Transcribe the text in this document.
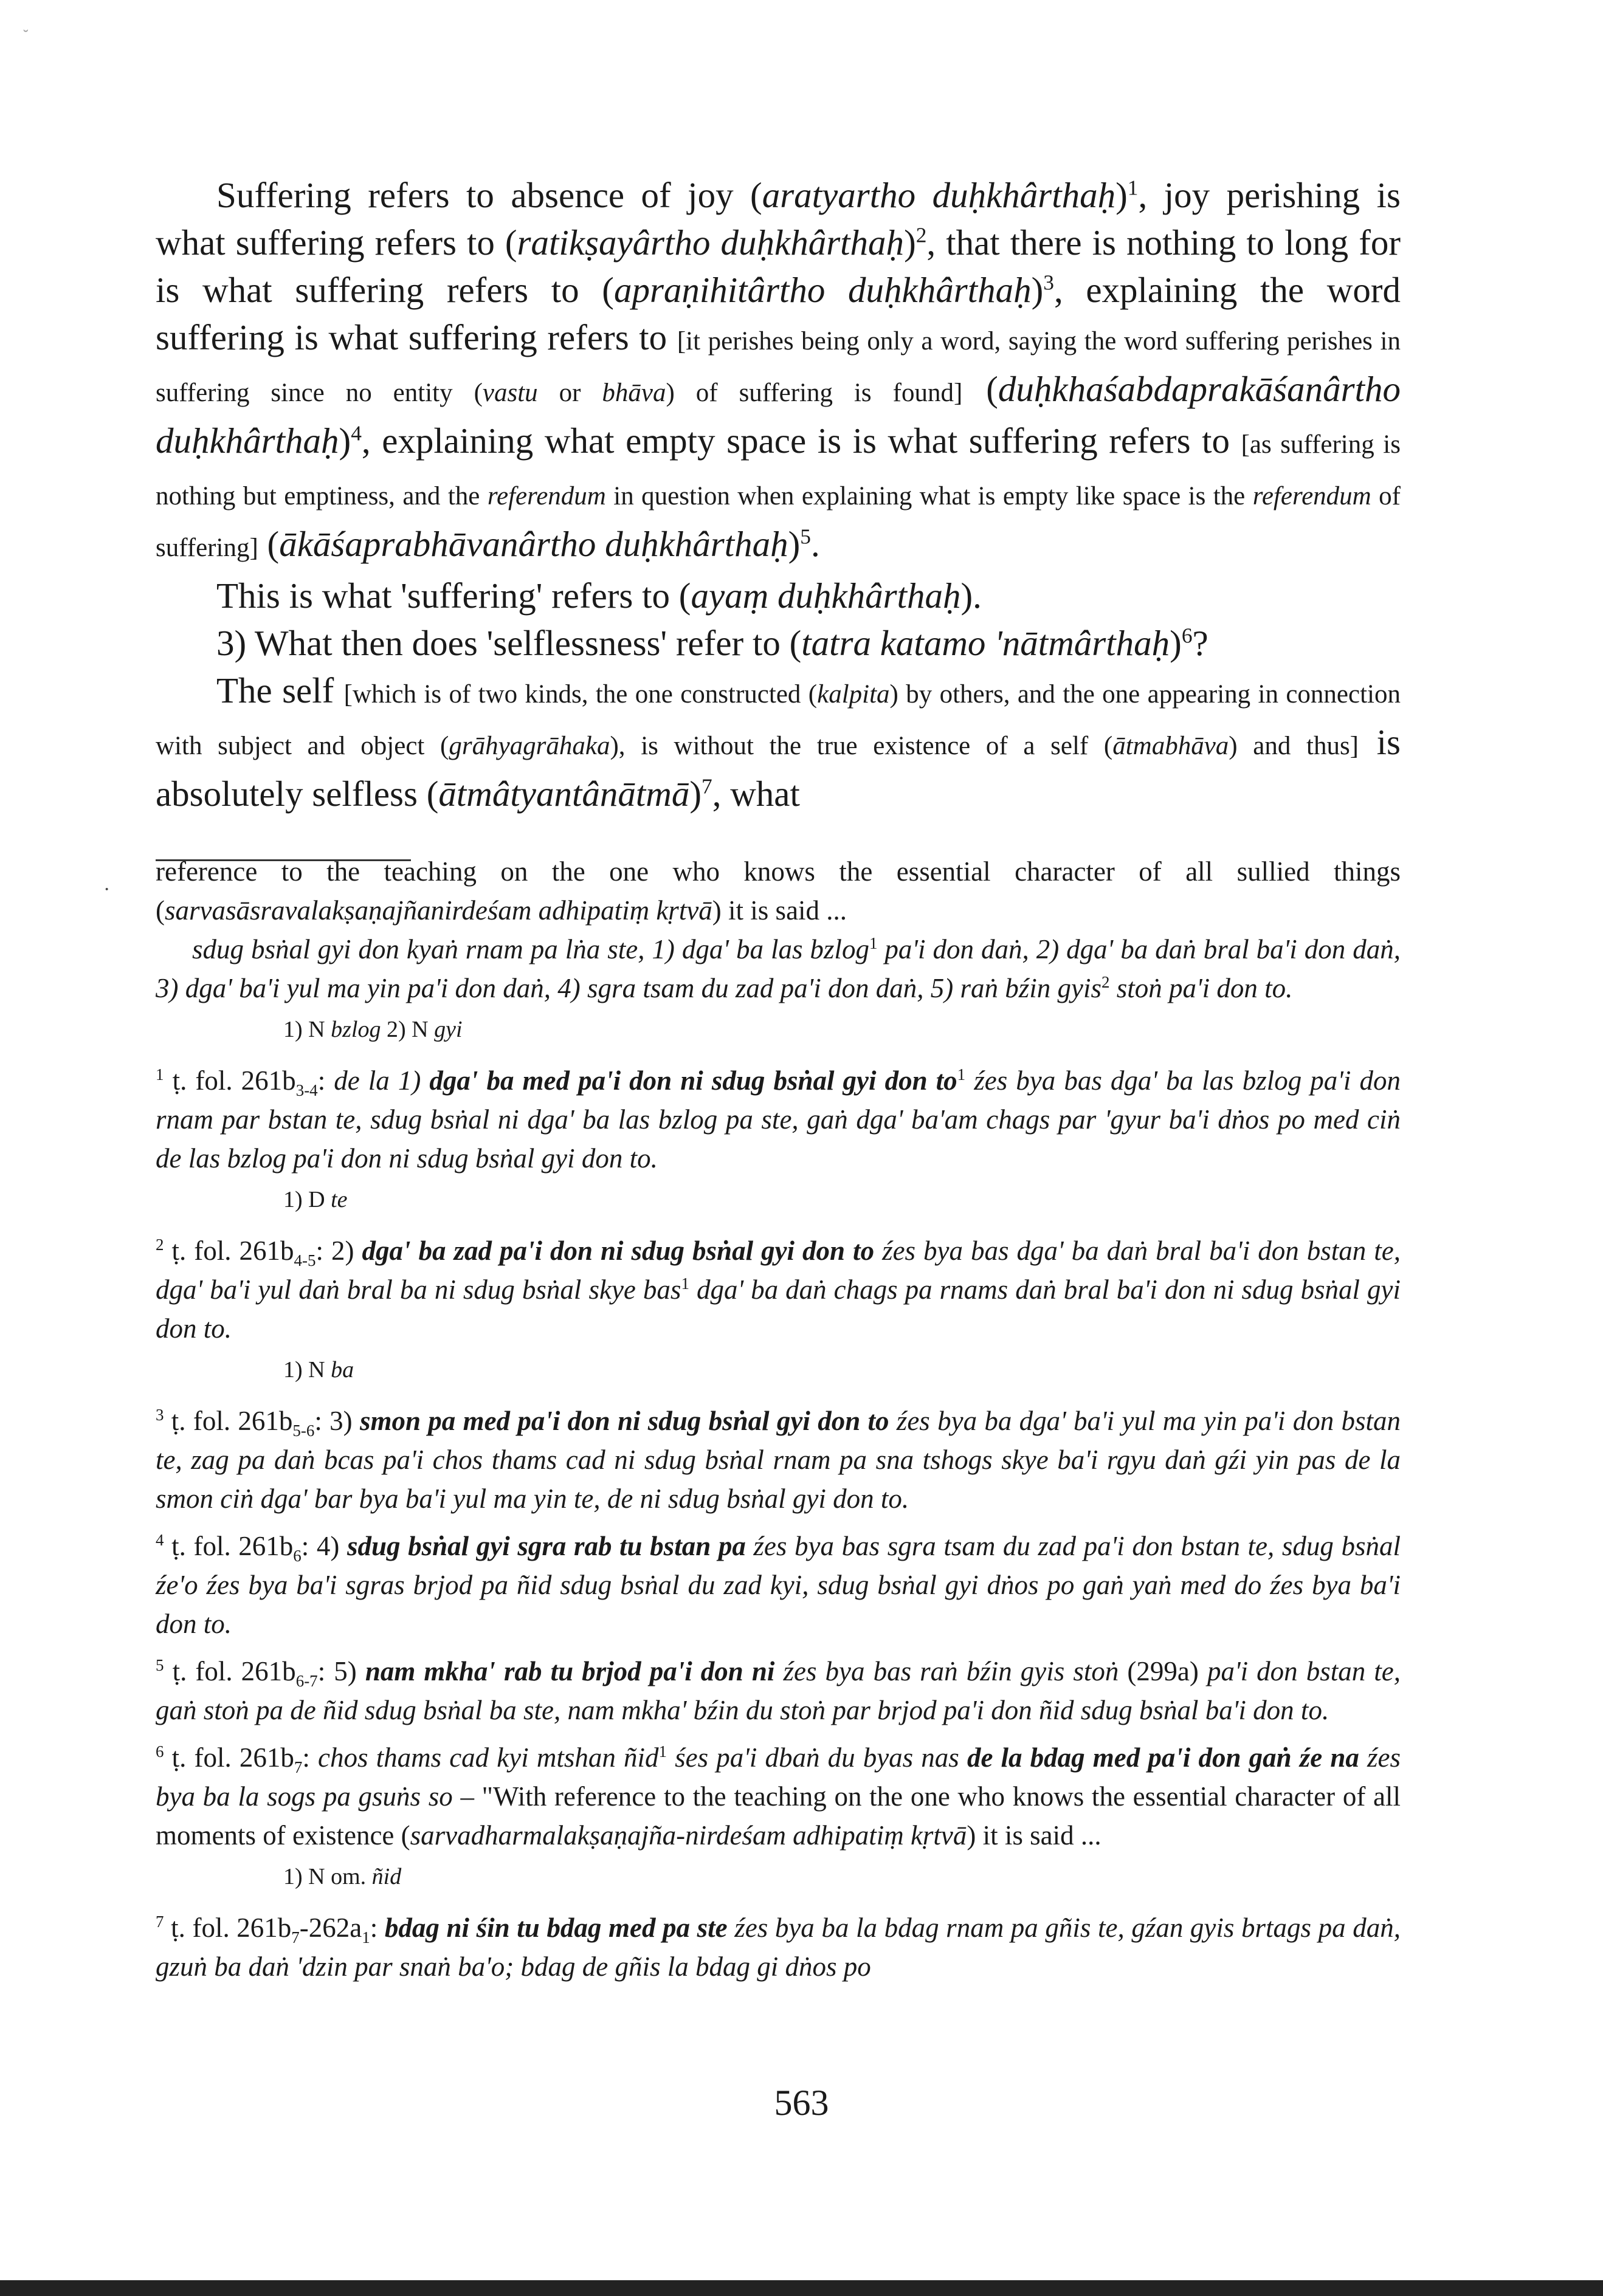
˘
·

Suffering refers to absence of joy (aratyartho duḥkhârthaḥ)$^1$, joy perishing is what suffering refers to (ratikṣayârtho duḥkhârthaḥ)$^2$, that there is nothing to long for is what suffering refers to (apraṇihitârtho duḥkhârthaḥ)$^3$, explaining the word suffering is what suffering refers to [it perishes being only a word, saying the word suffering perishes in suffering since no entity (vastu or bhāva) of suffering is found] (duḥkhaśabdaprakāśanârtho duḥkhârthaḥ)$^4$, explaining what empty space is is what suffering refers to [as suffering is nothing but emptiness, and the referendum in question when explaining what is empty like space is the referendum of suffering] (ākāśaprabhāvanârtho duḥkhârthaḥ)$^5$.

This is what 'suffering' refers to (ayaṃ duḥkhârthaḥ).

3) What then does 'selflessness' refer to (tatra katamo 'nātmârthaḥ)$^6$?

The self [which is of two kinds, the one constructed (kalpita) by others, and the one appearing in connection with subject and object (grāhyagrāhaka), is without the true existence of a self (ātmabhāva) and thus] is absolutely selfless (ātmâtyantânātmā)$^7$, what

reference to the teaching on the one who knows the essential character of all sullied things (sarvasāsravalakṣaṇajñanirdeśam adhipatiṃ kṛtvā) it is said ...

sdug bsṅal gyi don kyaṅ rnam pa lṅa ste, 1) dga' ba las bzlog$^1$ pa'i don daṅ, 2) dga' ba daṅ bral ba'i don daṅ, 3) dga' ba'i yul ma yin pa'i don daṅ, 4) sgra tsam du zad pa'i don daṅ, 5) raṅ bźin gyis$^2$ stoṅ pa'i don to.

1) N bzlog 2) N gyi

$^1$ ṭ. fol. $261b_{3-4}$: de la 1) dga' ba med pa'i don ni sdug bsṅal gyi don $to^1$ źes bya bas dga' ba las bzlog pa'i don rnam par bstan te, sdug bsṅal ni dga' ba las bzlog pa ste, gaṅ dga' ba'am chags par 'gyur ba'i dṅos po med ciṅ de las bzlog pa'i don ni sdug bsṅal gyi don to.

1) D te

$^2$ ṭ. fol. $261b_{4-5}$: 2) dga' ba zad pa'i don ni sdug bsṅal gyi don to źes bya bas dga' ba daṅ bral ba'i don bstan te, dga' ba'i yul daṅ bral ba ni sdug bsṅal skye bas$^1$ dga' ba daṅ chags pa rnams daṅ bral ba'i don ni sdug bsṅal gyi don to.

1) N ba

$^3$ ṭ. fol. $261b_{5-6}$: 3) smon pa med pa'i don ni sdug bsṅal gyi don to źes bya ba dga' ba'i yul ma yin pa'i don bstan te, zag pa daṅ bcas pa'i chos thams cad ni sdug bsṅal rnam pa sna tshogs skye ba'i rgyu daṅ gźi yin pas de la smon ciṅ dga' bar bya ba'i yul ma yin te, de ni sdug bsṅal gyi don to.

$^4$ ṭ. fol. $261b_6$: 4) sdug bsṅal gyi sgra rab tu bstan pa źes bya bas sgra tsam du zad pa'i don bstan te, sdug bsṅal źe'o źes bya ba'i sgras brjod pa ñid sdug bsṅal du zad kyi, sdug bsṅal gyi dṅos po gaṅ yaṅ med do źes bya ba'i don to.

$^5$ ṭ. fol. $261b_{6-7}$: 5) nam mkha' rab tu brjod pa'i don ni źes bya bas raṅ bźin gyis stoṅ (299a) pa'i don bstan te, gaṅ stoṅ pa de ñid sdug bsṅal ba ste, nam mkha' bźin du stoṅ par brjod pa'i don ñid sdug bsṅal ba'i don to.

$^6$ ṭ. fol. $261b_7$: chos thams cad kyi mtshan ñid$^1$ śes pa'i dbaṅ du byas nas de la bdag med pa'i don gaṅ źe na źes bya ba la sogs pa gsuṅs so – "With reference to the teaching on the one who knows the essential character of all moments of existence (sarvadharmalakṣaṇajña-nirdeśam adhipatiṃ kṛtvā) it is said ...

1) N om. ñid

$^7$ ṭ. fol. $261b_7-262a_1$: bdag ni śin tu bdag med pa ste źes bya ba la bdag rnam pa gñis te, gźan gyis brtags pa daṅ, gzuṅ ba daṅ 'dzin par snaṅ ba'o; bdag de gñis la bdag gi dṅos po

563
